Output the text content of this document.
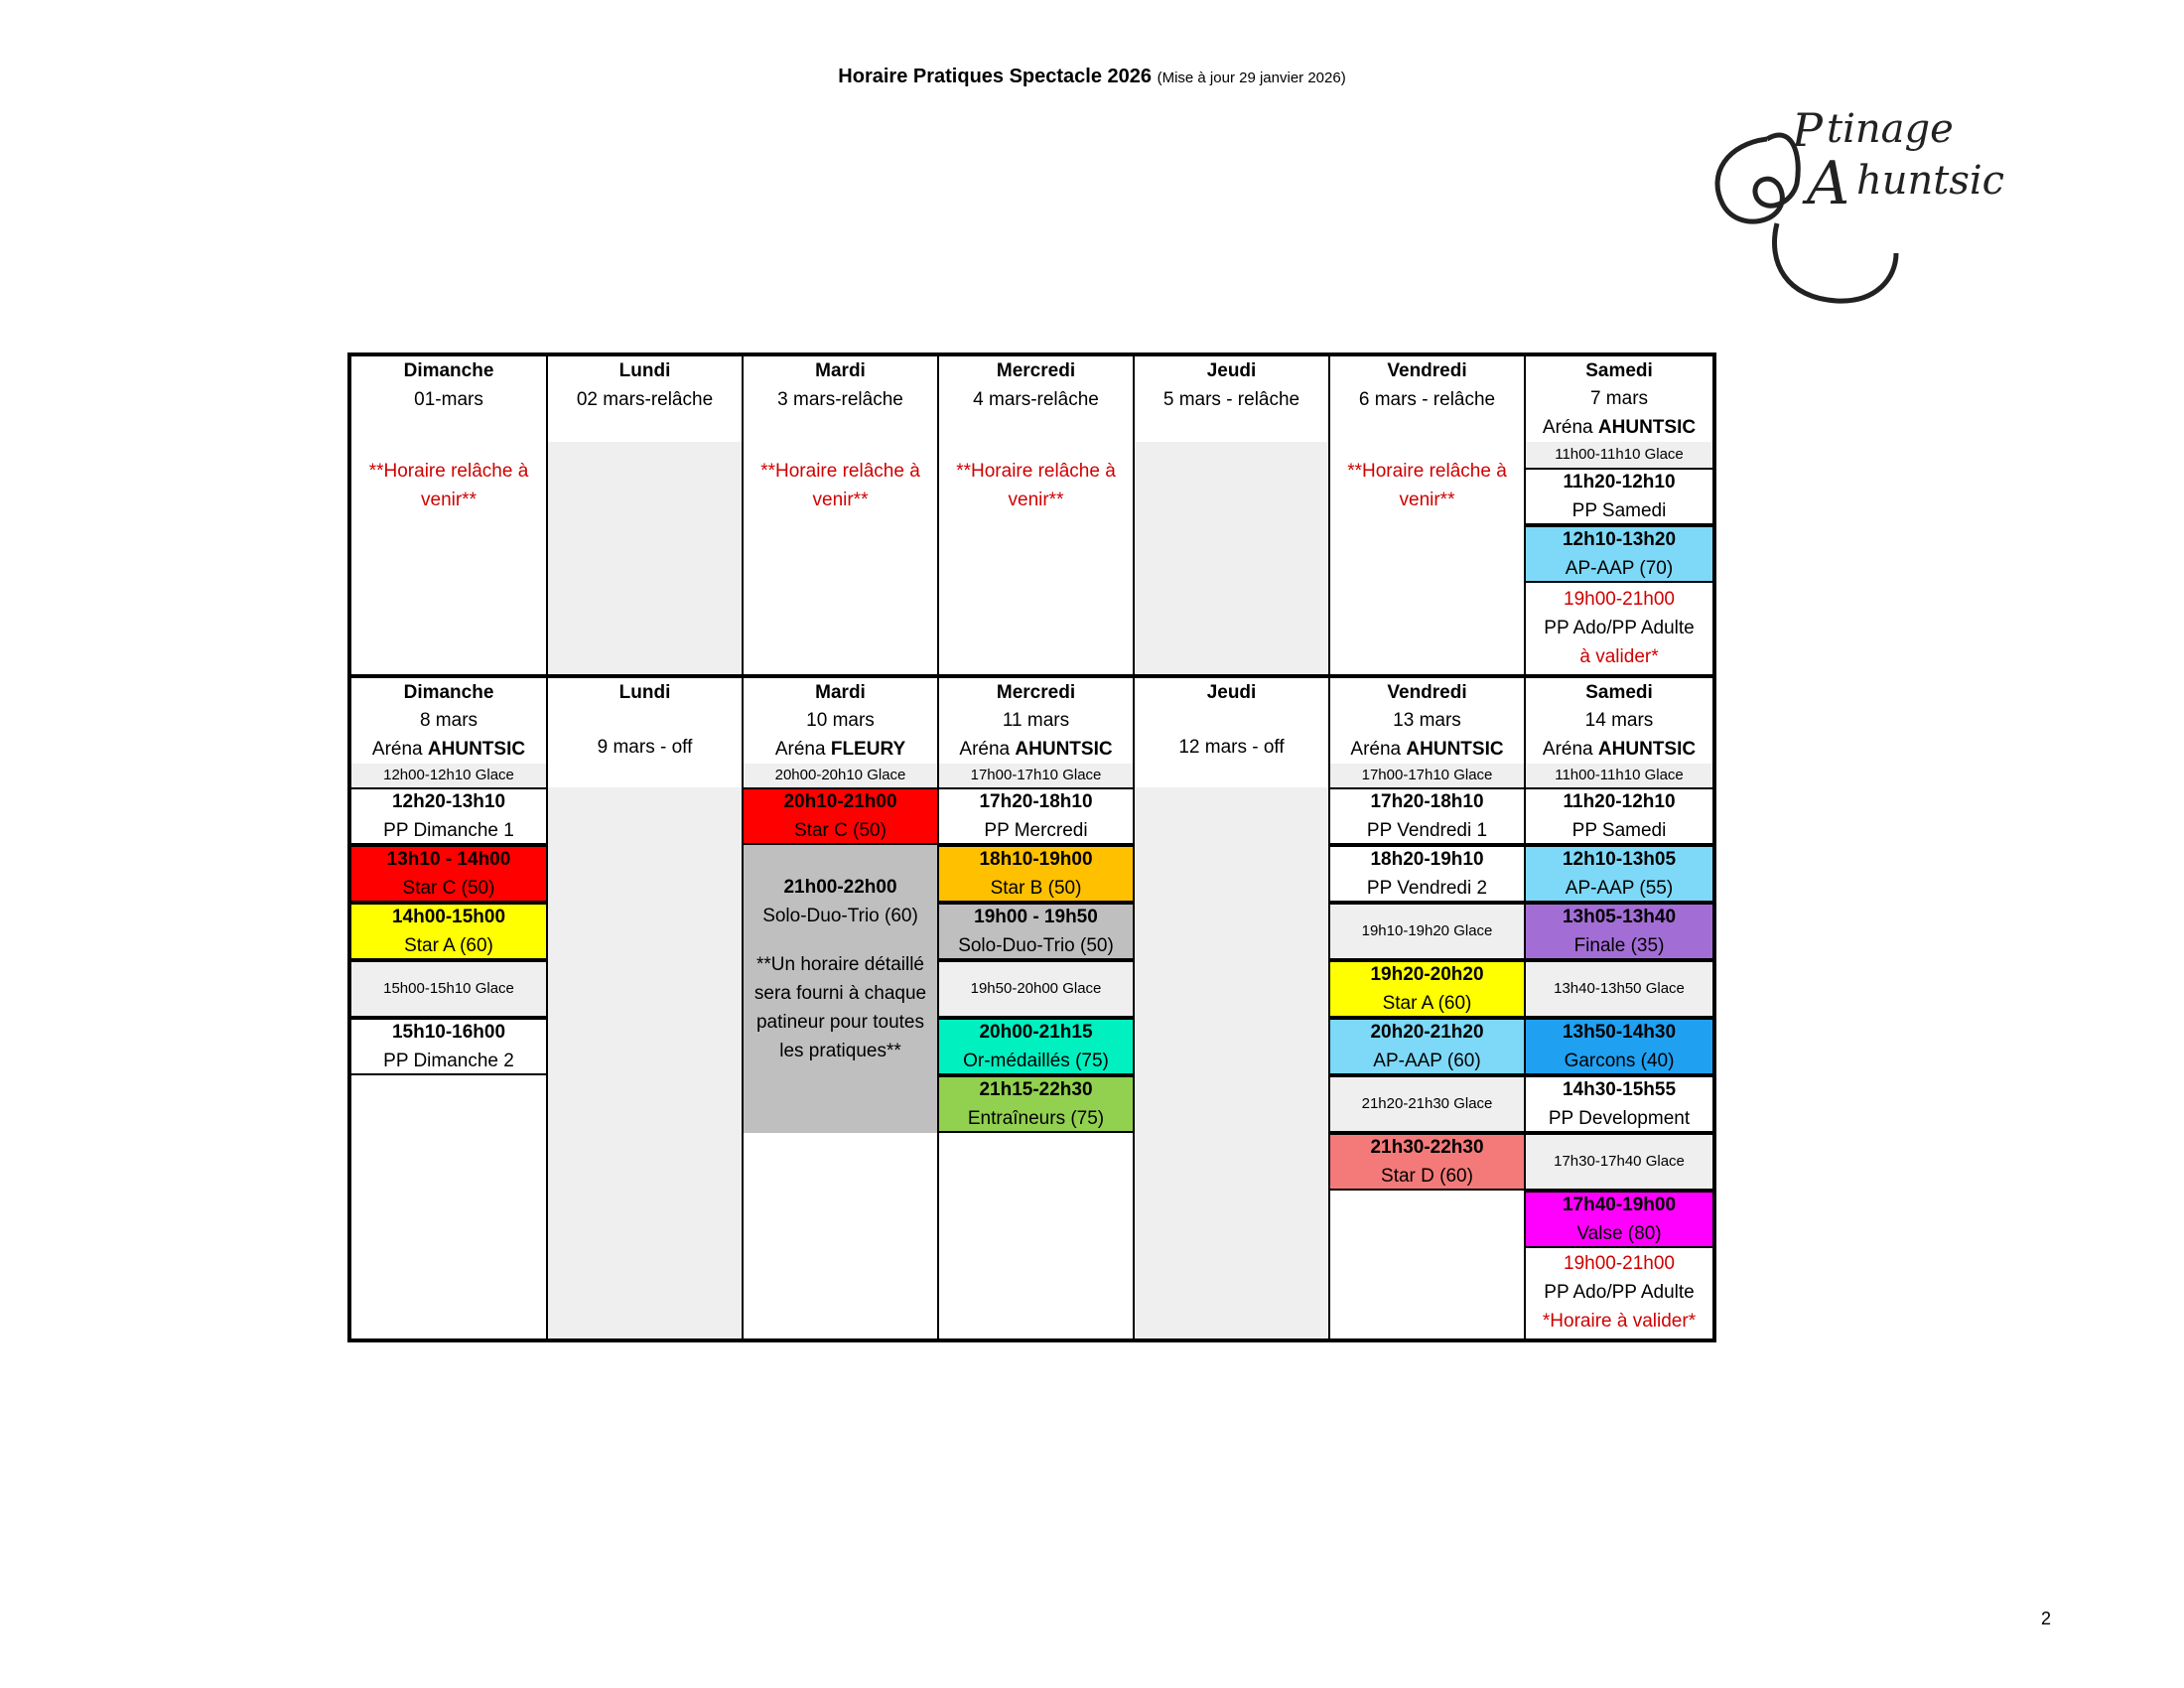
Horaire Pratiques Spectacle 2026 (Mise à jour 29 janvier 2026)
P tinage
A huntsic
Dimanche
01-mars
**Horaire relâche à venir**
Lundi
02 mars-relâche
Mardi
3 mars-relâche
**Horaire relâche à venir**
Mercredi
4 mars-relâche
**Horaire relâche à venir**
Jeudi
5 mars - relâche
Vendredi
6 mars - relâche
**Horaire relâche à venir**
Samedi
7 mars
Aréna AHUNTSIC
11h00-11h10 Glace
11h20-12h10
PP Samedi
12h10-13h20
AP-AAP (70)
19h00-21h00
PP Ado/PP Adulte
à valider*
Dimanche
8 mars
Aréna AHUNTSIC
12h00-12h10 Glace
12h20-13h10
PP Dimanche 1
13h10 - 14h00
Star C (50)
14h00-15h00
Star A (60)
15h00-15h10 Glace
15h10-16h00
PP Dimanche 2
Lundi
9 mars - off
Mardi
10 mars
Aréna FLEURY
20h00-20h10 Glace
20h10-21h00
Star C (50)
21h00-22h00
Solo-Duo-Trio (60)
**Un horaire détaillé sera fourni à chaque patineur pour toutes les pratiques**
Mercredi
11 mars
Aréna AHUNTSIC
17h00-17h10 Glace
17h20-18h10
PP Mercredi
18h10-19h00
Star B (50)
19h00 - 19h50
Solo-Duo-Trio (50)
19h50-20h00 Glace
20h00-21h15
Or-médaillés (75)
21h15-22h30
Entraîneurs (75)
Jeudi
12 mars - off
Vendredi
13 mars
Aréna AHUNTSIC
17h00-17h10 Glace
17h20-18h10
PP Vendredi 1
18h20-19h10
PP Vendredi 2
19h10-19h20 Glace
19h20-20h20
Star A (60)
20h20-21h20
AP-AAP (60)
21h20-21h30 Glace
21h30-22h30
Star D (60)
Samedi
14 mars
Aréna AHUNTSIC
11h00-11h10 Glace
11h20-12h10
PP Samedi
12h10-13h05
AP-AAP (55)
13h05-13h40
Finale (35)
13h40-13h50 Glace
13h50-14h30
Garcons (40)
14h30-15h55
PP Development
17h30-17h40 Glace
17h40-19h00
Valse (80)
19h00-21h00
PP Ado/PP Adulte
*Horaire à valider*
2
